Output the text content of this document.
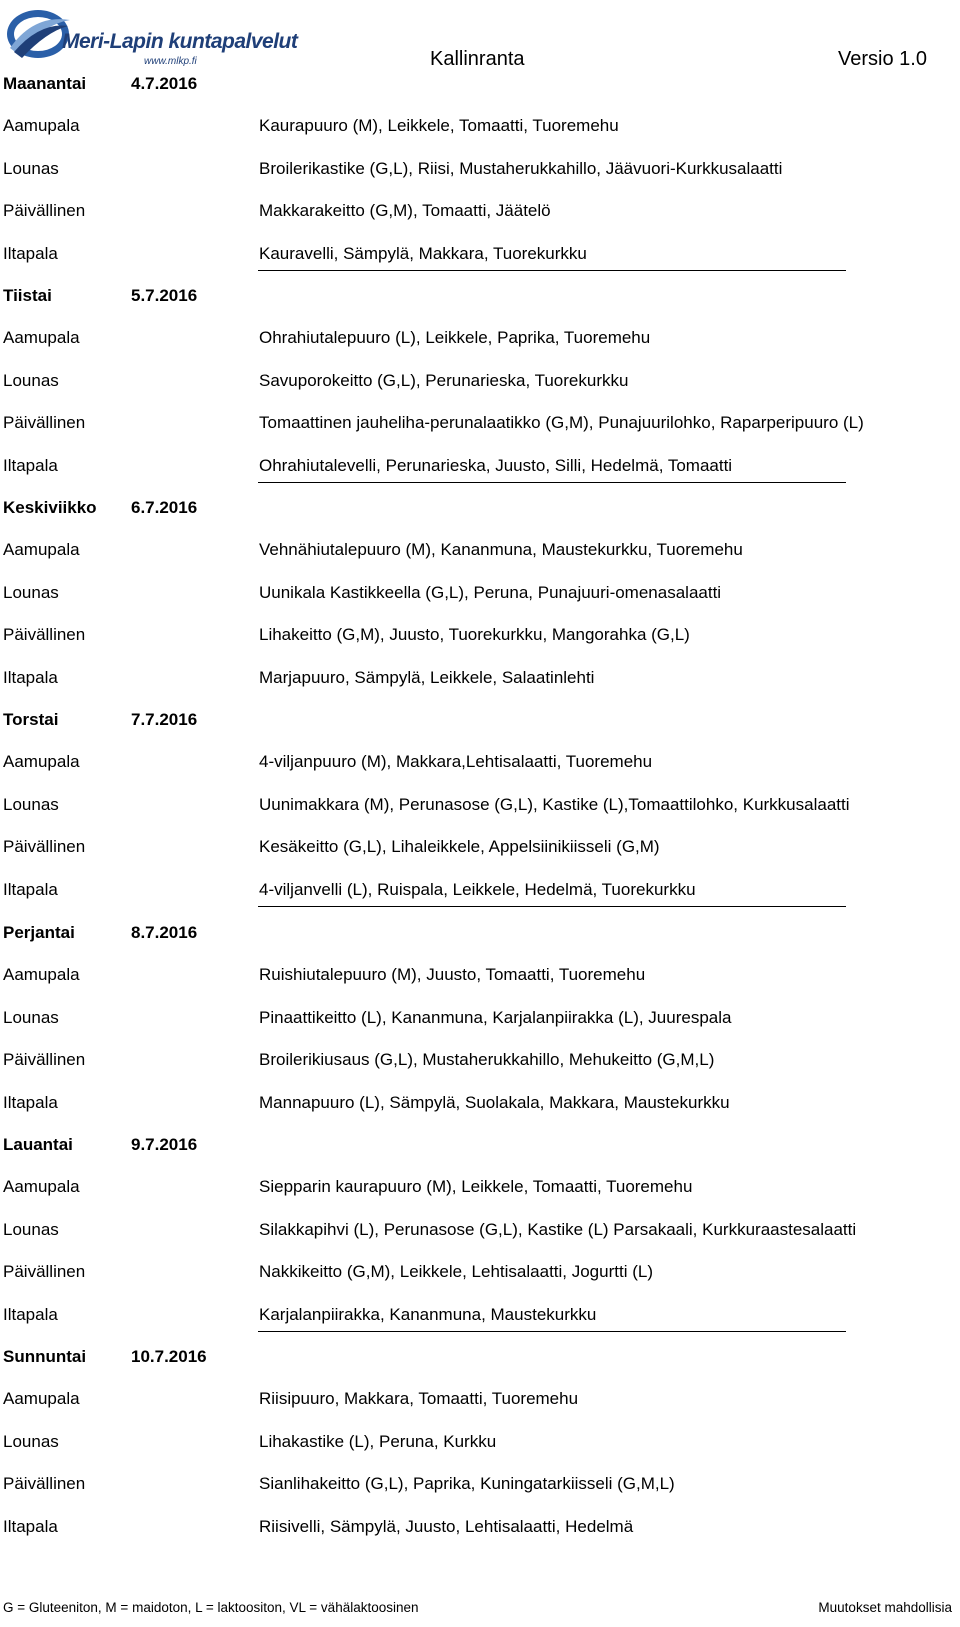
Meri-Lapin kuntapalvelut
www.mlkp.fi	Kallinranta	Versio 1.0
Maanantai	4.7.2016
Aamupala	Kaurapuuro (M), Leikkele, Tomaatti, Tuoremehu
Lounas	Broilerikastike (G,L), Riisi, Mustaherukkahillo, Jäävuori-Kurkkusalaatti
Päivällinen	Makkarakeitto (G,M), Tomaatti, Jäätelö
Iltapala	Kauravelli, Sämpylä, Makkara, Tuorekurkku
Tiistai	5.7.2016
Aamupala	Ohrahiutalepuuro (L), Leikkele, Paprika, Tuoremehu
Lounas	Savuporokeitto (G,L), Perunarieska, Tuorekurkku
Päivällinen	Tomaattinen jauheliha-perunalaatikko (G,M), Punajuurilohko, Raparperipuuro (L)
Iltapala	Ohrahiutalevelli, Perunarieska, Juusto, Silli, Hedelmä, Tomaatti
Keskiviikko 6.7.2016
Aamupala	Vehnähiutalepuuro (M), Kananmuna, Maustekurkku, Tuoremehu
Lounas	Uunikala Kastikkeella (G,L), Peruna, Punajuuri-omenasalaatti
Päivällinen	Lihakeitto (G,M), Juusto, Tuorekurkku, Mangorahka (G,L)
Iltapala	Marjapuuro, Sämpylä, Leikkele, Salaatinlehti
Torstai	7.7.2016
Aamupala	4-viljanpuuro (M), Makkara,Lehtisalaatti, Tuoremehu
Lounas	Uunimakkara (M), Perunasose (G,L), Kastike (L),Tomaattilohko, Kurkkusalaatti
Päivällinen	Kesäkeitto (G,L), Lihaleikkele, Appelsiinikiisseli (G,M)
Iltapala	4-viljanvelli (L), Ruispala, Leikkele, Hedelmä, Tuorekurkku
Perjantai	8.7.2016
Aamupala	Ruishiutalepuuro (M), Juusto, Tomaatti, Tuoremehu
Lounas	Pinaattikeitto (L), Kananmuna, Karjalanpiirakka (L), Juurespala
Päivällinen	Broilerikiusaus (G,L), Mustaherukkahillo, Mehukeitto (G,M,L)
Iltapala	Mannapuuro (L), Sämpylä, Suolakala, Makkara, Maustekurkku
Lauantai	9.7.2016
Aamupala	Siepparin kaurapuuro (M), Leikkele, Tomaatti, Tuoremehu
Lounas	Silakkapihvi (L), Perunasose (G,L), Kastike (L) Parsakaali, Kurkkuraastesalaatti
Päivällinen	Nakkikeitto (G,M), Leikkele, Lehtisalaatti, Jogurtti (L)
Iltapala	Karjalanpiirakka, Kananmuna, Maustekurkku
Sunnuntai	10.7.2016
Aamupala	Riisipuuro, Makkara, Tomaatti, Tuoremehu
Lounas	Lihakastike (L), Peruna, Kurkku
Päivällinen	Sianlihakeitto (G,L), Paprika, Kuningatarkiisseli (G,M,L)
Iltapala	Riisivelli, Sämpylä, Juusto, Lehtisalaatti, Hedelmä
G = Gluteeniton, M = maidoton, L = laktoositon, VL = vähälaktoosinen	Muutokset mahdollisia
